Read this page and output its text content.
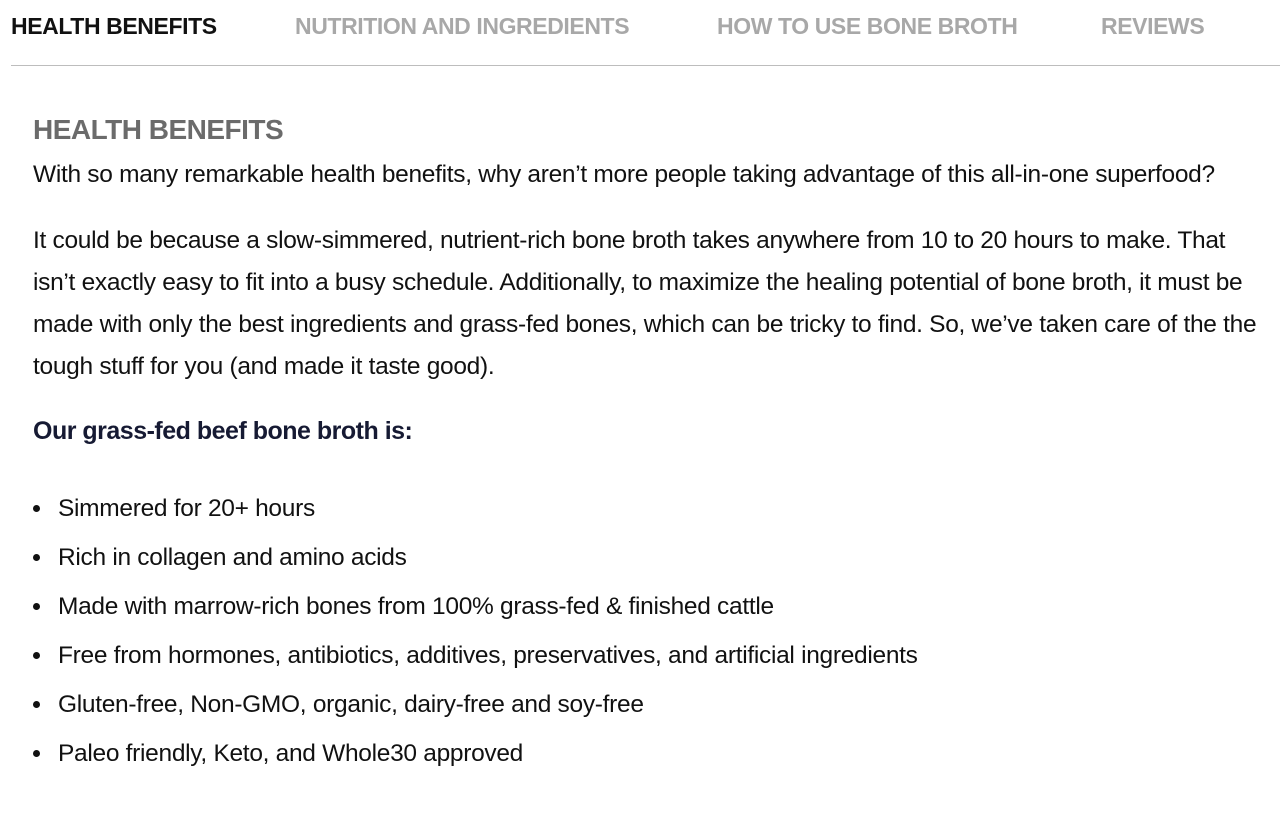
HEALTH BENEFITS	NUTRITION AND INGREDIENTS	HOW TO USE BONE BROTH	REVIEWS
HEALTH BENEFITS

With so many remarkable health benefits, why aren’t more people taking advantage of this all-in-one superfood?

It could be because a slow-simmered, nutrient-rich bone broth takes anywhere from 10 to 20 hours to make. That isn’t exactly easy to fit into a busy schedule. Additionally, to maximize the healing potential of bone broth, it must be made with only the best ingredients and grass-fed bones, which can be tricky to find. So, we’ve taken care of the the tough stuff for you (and made it taste good).

Our grass-fed beef bone broth is:
Simmered for 20+ hours
Rich in collagen and amino acids
Made with marrow-rich bones from 100% grass-fed & finished cattle
Free from hormones, antibiotics, additives, preservatives, and artificial ingredients
Gluten-free, Non-GMO, organic, dairy-free and soy-free
Paleo friendly, Keto, and Whole30 approved
